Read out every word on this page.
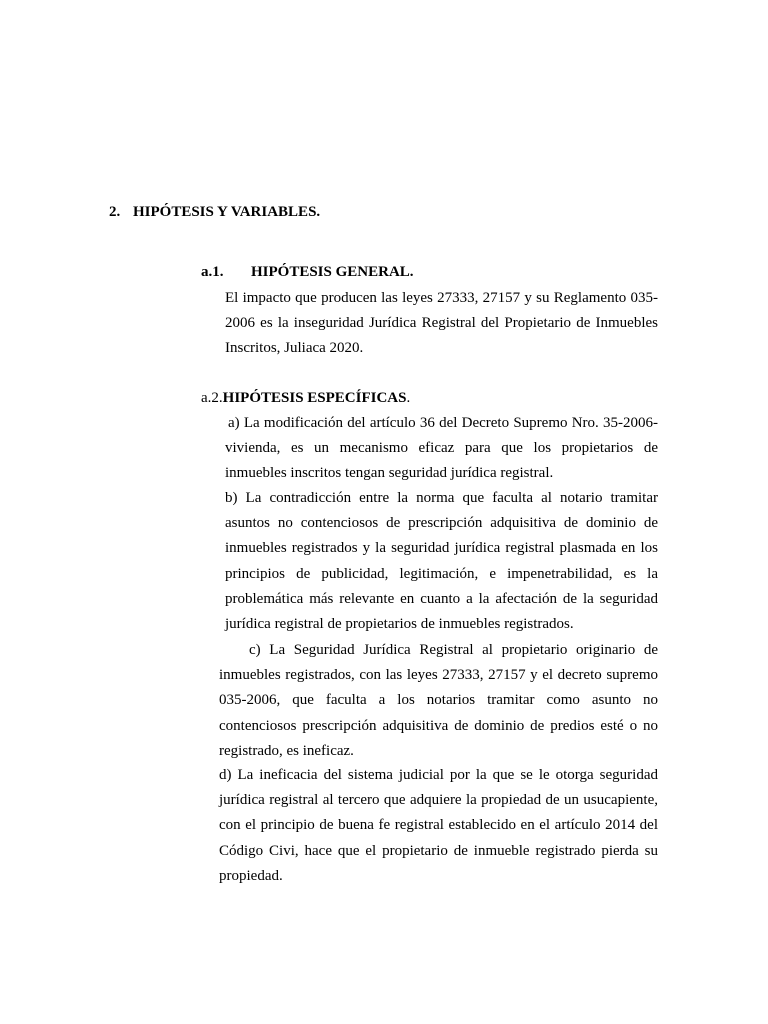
2. HIPÓTESIS Y VARIABLES.
a.1. HIPÓTESIS GENERAL.

El impacto que producen las leyes 27333, 27157 y su Reglamento 035-2006 es la inseguridad Jurídica Registral del Propietario de Inmuebles Inscritos, Juliaca 2020.

a.2.HIPÓTESIS ESPECÍFICAS.

a) La modificación del artículo 36 del Decreto Supremo Nro. 35-2006-vivienda, es un mecanismo eficaz para que los propietarios de inmuebles inscritos tengan seguridad jurídica registral.

b) La contradicción entre la norma que faculta al notario tramitar asuntos no contenciosos de prescripción adquisitiva de dominio de inmuebles registrados y la seguridad jurídica registral plasmada en los principios de publicidad, legitimación, e impenetrabilidad, es la problemática más relevante en cuanto a la afectación de la seguridad jurídica registral de propietarios de inmuebles registrados.

c) La Seguridad Jurídica Registral al propietario originario de inmuebles registrados, con las leyes 27333, 27157 y el decreto supremo 035-2006, que faculta a los notarios tramitar como asunto no contenciosos prescripción adquisitiva de dominio de predios esté o no registrado, es ineficaz.

d) La ineficacia del sistema judicial por la que se le otorga seguridad jurídica registral al tercero que adquiere la propiedad de un usucapiente, con el principio de buena fe registral establecido en el artículo 2014 del Código Civi, hace que el propietario de inmueble registrado pierda su propiedad.
